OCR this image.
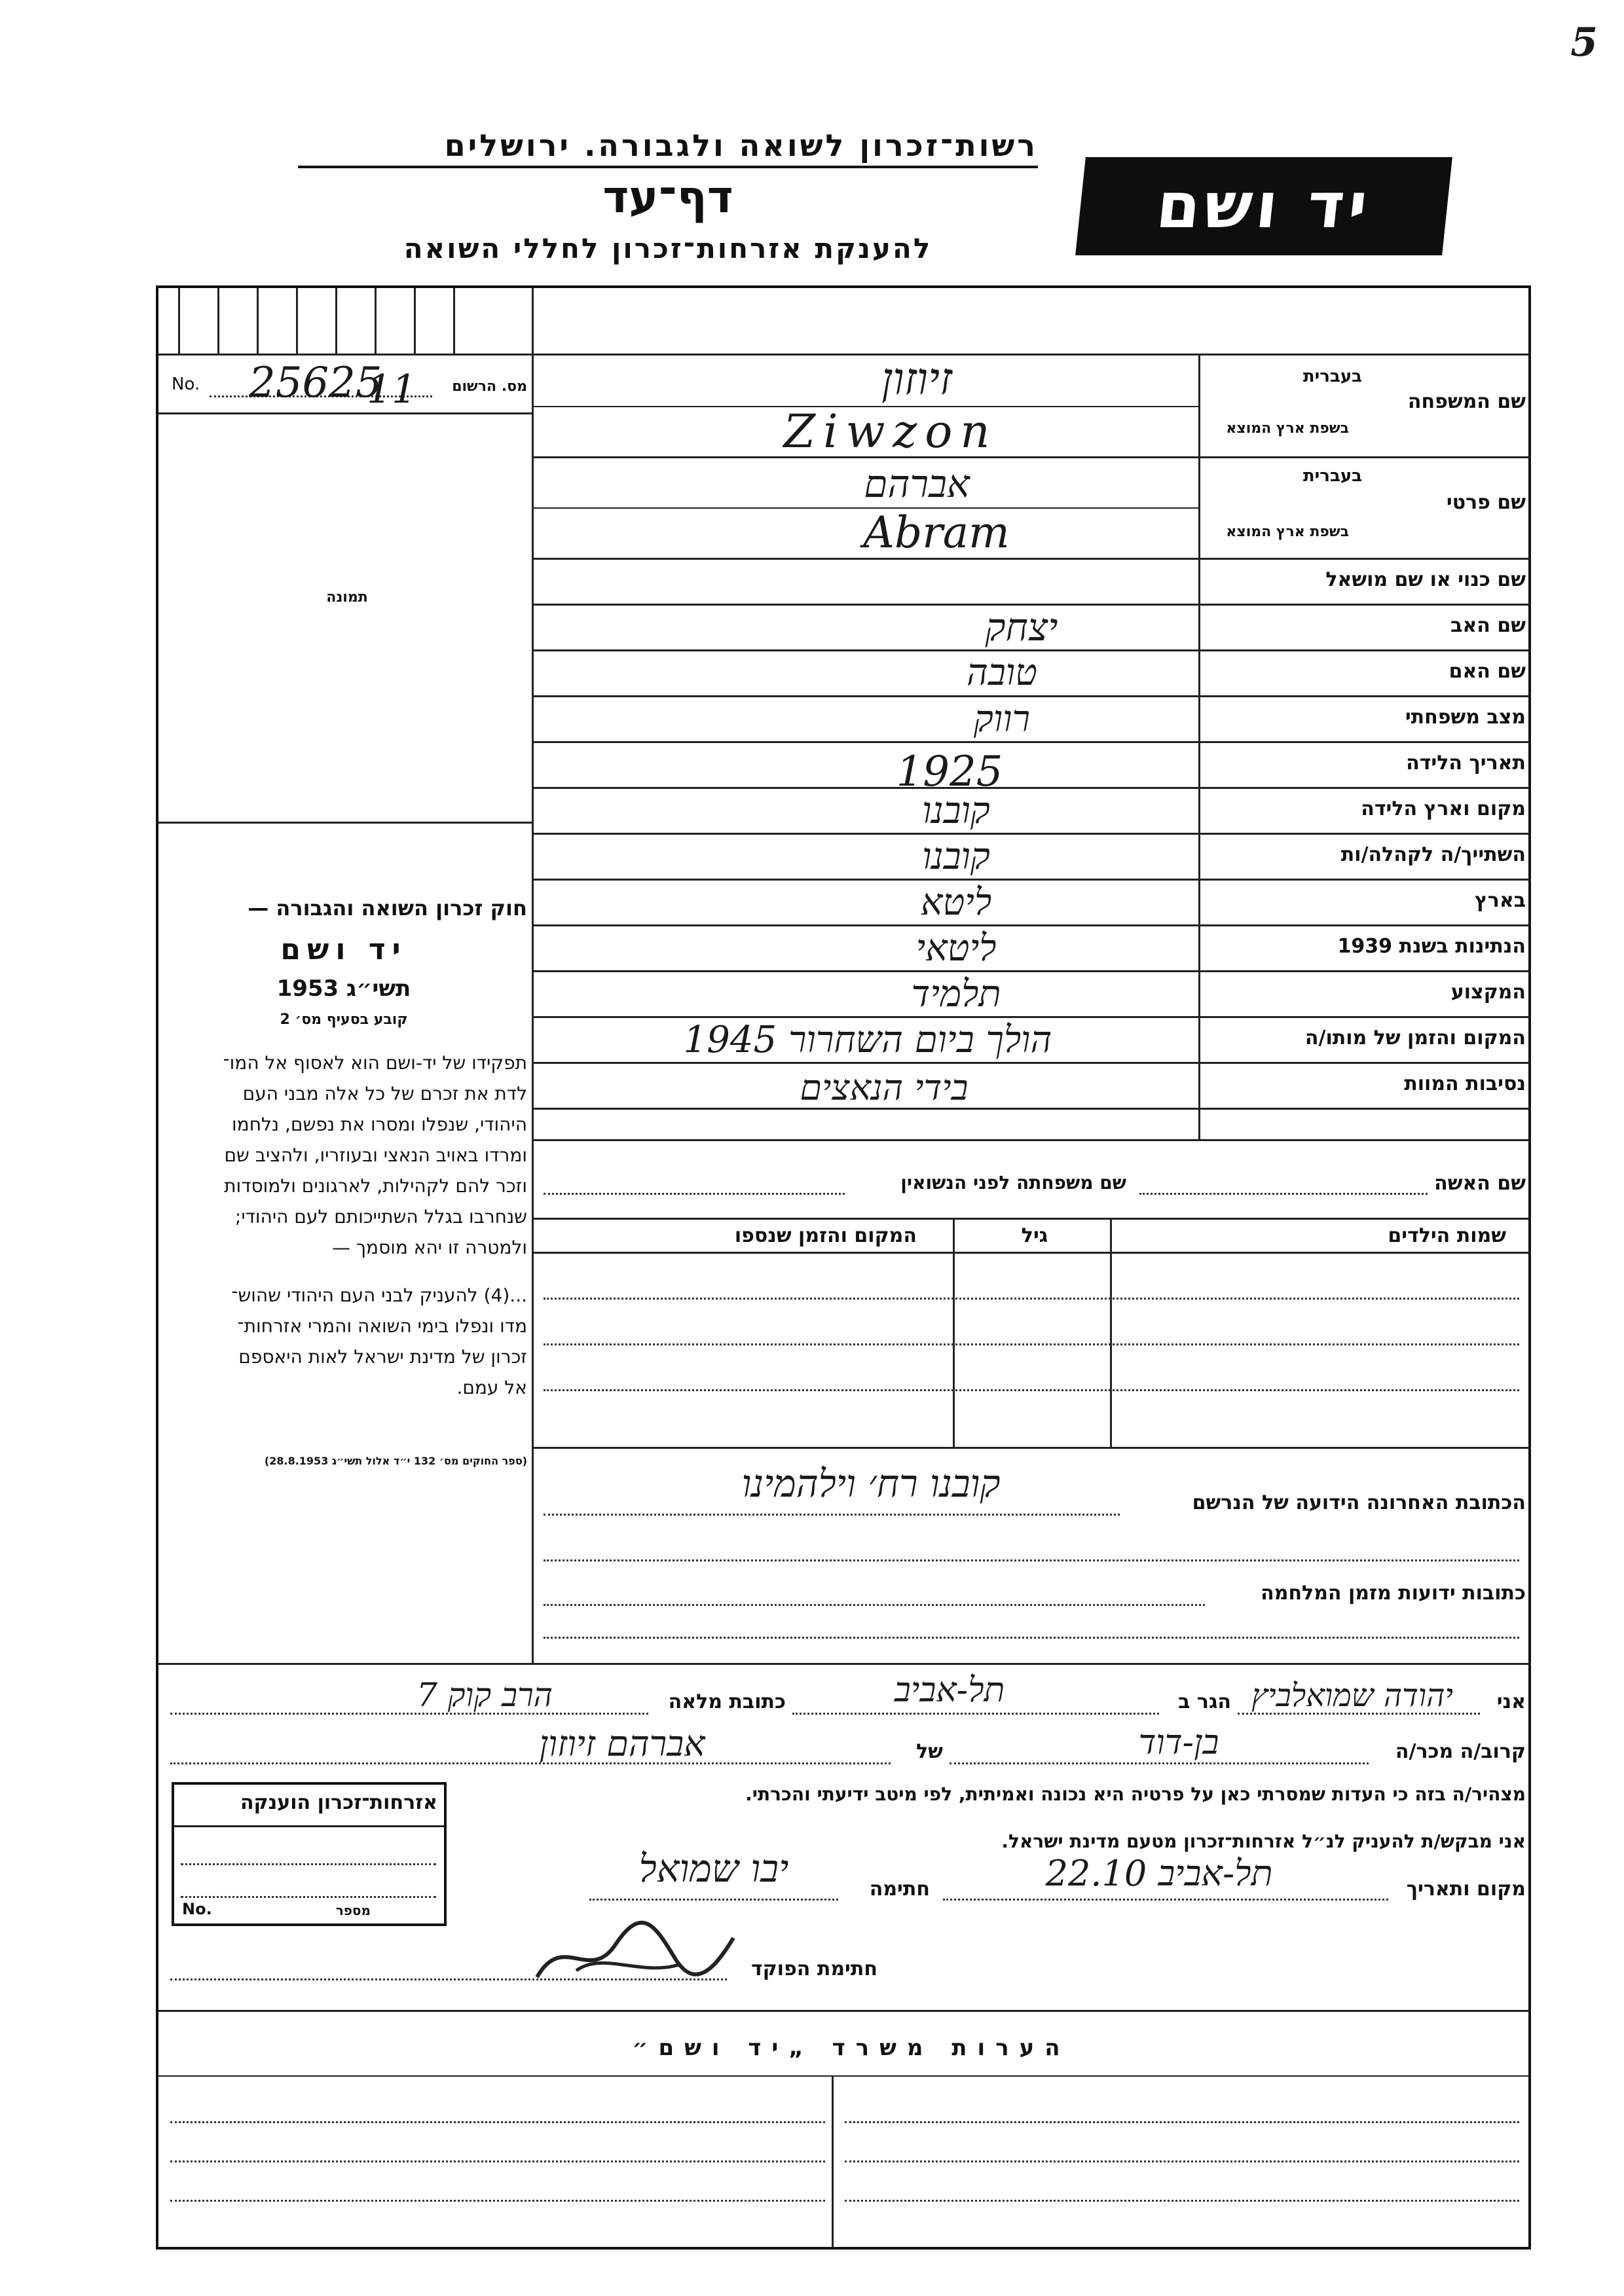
5
רשות־זכרון לשואה ולגבורה. ירושלים
דף־עד
להענקת אזרחות־זכרון לחללי השואה
יד ושם
No. 25625
11 מס. הרשום
תמונה
חוק זכרון השואה והגבורה —
יד ושם
תשי״ג 1953
קובע בסעיף מס׳ 2
תפקידו של יד-ושם הוא לאסוף אל המו־
לדת את זכרם של כל אלה מבני העם
היהודי, שנפלו ומסרו את נפשם, נלחמו
ומרדו באויב הנאצי ובעוזריו, ולהציב שם
וזכר להם לקהילות, לארגונים ולמוסדות
שנחרבו בגלל השתייכותם לעם היהודי;
ולמטרה זו יהא מוסמך —
...(4) להעניק לבני העם היהודי שהוש־
מדו ונפלו בימי השואה והמרי אזרחות־
זכרון של מדינת ישראל לאות היאספם
אל עמם.
(ספר החוקים מס׳ 132 י״ד אלול תשי״ג 28.8.1953)
שם המשפחה
בעברית
בשפת ארץ המוצא
שם פרטי
בעברית
בשפת ארץ המוצא
שם כנוי או שם מושאל
שם האב
שם האם
מצב משפחתי
תאריך הלידה
מקום וארץ הלידה
השתייך/ה לקהלה/ות
בארץ
הנתינות בשנת 1939
המקצוע
המקום והזמן של מותו/ה
נסיבות המוות
זיוזון
Ziwzon
אברהם
Abram
יצחק
טובה
רווק
1925
קובנו
קובנו
ליטא
ליטאי
תלמיד
הולך ביום השחרור 1945
בידי הנאצים
שם האשה
שם משפחתה לפני הנשואין
שמות הילדים
גיל
המקום והזמן שנספו
קובנו רח׳ וילהמינו	הכתובת האחרונה הידועה של הנרשם
כתובות ידועות מזמן המלחמה
אני
יהודה שמואלביץ
הגר ב
תל-אביב
כתובת מלאה
הרב קוק 7
קרוב/ה מכר/ה
בן-דוד
של
אברהם זיוזון
מצהיר/ה בזה כי העדות שמסרתי כאן על פרטיה היא נכונה ואמיתית, לפי מיטב ידיעתי והכרתי.
אני מבקש/ת להעניק לנ״ל אזרחות־זכרון מטעם מדינת ישראל.
מקום ותאריך
תל-אביב 22.10
חתימה
יבו שמואל
חתימת הפוקד
אזרחות־זכרון הוענקה
No.	מספר
הערות משרד „יד ושם״
